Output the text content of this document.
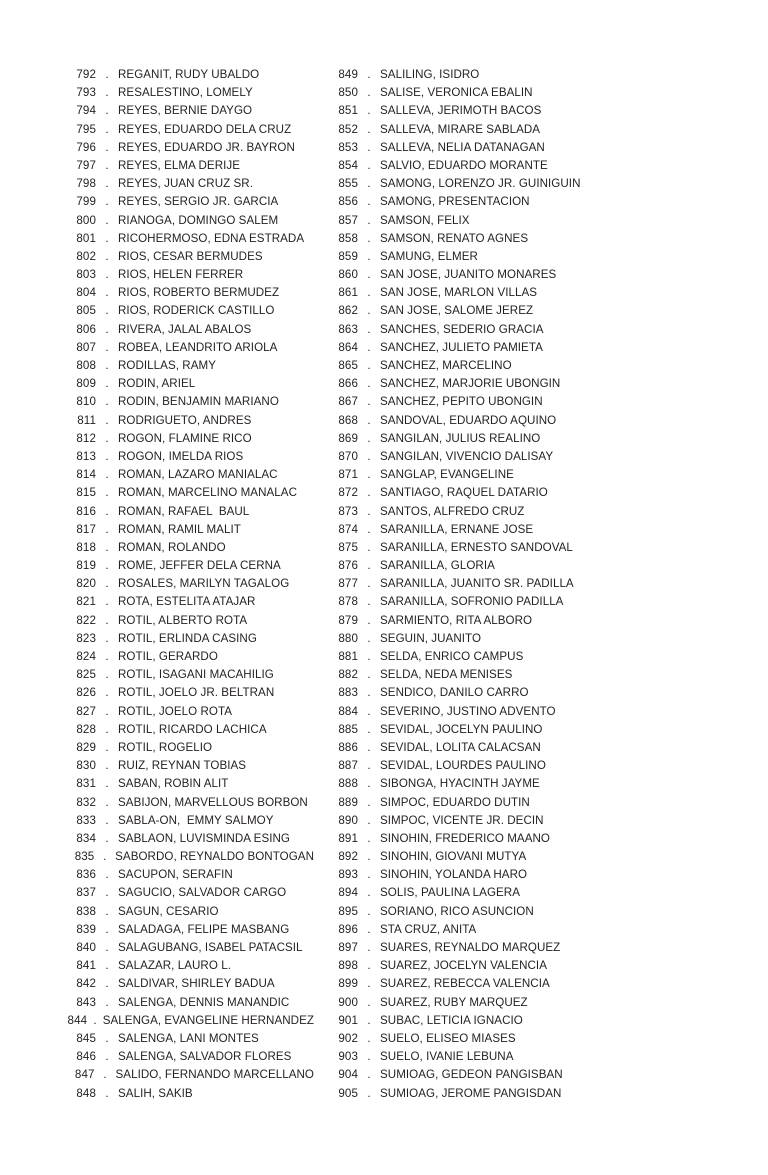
792 . REGANIT, RUDY UBALDO
793 . RESALESTINO, LOMELY
794 . REYES, BERNIE DAYGO
795 . REYES, EDUARDO DELA CRUZ
796 . REYES, EDUARDO JR. BAYRON
797 . REYES, ELMA DERIJE
798 . REYES, JUAN CRUZ SR.
799 . REYES, SERGIO JR. GARCIA
800 . RIANOGA, DOMINGO SALEM
801 . RICOHERMOSO, EDNA ESTRADA
802 . RIOS, CESAR BERMUDES
803 . RIOS, HELEN FERRER
804 . RIOS, ROBERTO BERMUDEZ
805 . RIOS, RODERICK CASTILLO
806 . RIVERA, JALAL ABALOS
807 . ROBEA, LEANDRITO ARIOLA
808 . RODILLAS, RAMY
809 . RODIN, ARIEL
810 . RODIN, BENJAMIN MARIANO
811 . RODRIGUETO, ANDRES
812 . ROGON, FLAMINE RICO
813 . ROGON, IMELDA RIOS
814 . ROMAN, LAZARO MANIALAC
815 . ROMAN, MARCELINO MANALAC
816 . ROMAN, RAFAEL  BAUL
817 . ROMAN, RAMIL MALIT
818 . ROMAN, ROLANDO
819 . ROME, JEFFER DELA CERNA
820 . ROSALES, MARILYN TAGALOG
821 . ROTA, ESTELITA ATAJAR
822 . ROTIL, ALBERTO ROTA
823 . ROTIL, ERLINDA CASING
824 . ROTIL, GERARDO
825 . ROTIL, ISAGANI MACAHILIG
826 . ROTIL, JOELO JR. BELTRAN
827 . ROTIL, JOELO ROTA
828 . ROTIL, RICARDO LACHICA
829 . ROTIL, ROGELIO
830 . RUIZ, REYNAN TOBIAS
831 . SABAN, ROBIN ALIT
832 . SABIJON, MARVELLOUS BORBON
833 . SABLA-ON,  EMMY SALMOY
834 . SABLAON, LUVISMINDA ESING
835 . SABORDO, REYNALDO BONTOGAN
836 . SACUPON, SERAFIN
837 . SAGUCIO, SALVADOR CARGO
838 . SAGUN, CESARIO
839 . SALADAGA, FELIPE MASBANG
840 . SALAGUBANG, ISABEL PATACSIL
841 . SALAZAR, LAURO L.
842 . SALDIVAR, SHIRLEY BADUA
843 . SALENGA, DENNIS MANANDIC
844 . SALENGA, EVANGELINE HERNANDEZ
845 . SALENGA, LANI MONTES
846 . SALENGA, SALVADOR FLORES
847 . SALIDO, FERNANDO MARCELLANO
848 . SALIH, SAKIB
849 . SALILING, ISIDRO
850 . SALISE, VERONICA EBALIN
851 . SALLEVA, JERIMOTH BACOS
852 . SALLEVA, MIRARE SABLADA
853 . SALLEVA, NELIA DATANAGAN
854 . SALVIO, EDUARDO MORANTE
855 . SAMONG, LORENZO JR. GUINIGUIN
856 . SAMONG, PRESENTACION
857 . SAMSON, FELIX
858 . SAMSON, RENATO AGNES
859 . SAMUNG, ELMER
860 . SAN JOSE, JUANITO MONARES
861 . SAN JOSE, MARLON VILLAS
862 . SAN JOSE, SALOME JEREZ
863 . SANCHES, SEDERIO GRACIA
864 . SANCHEZ, JULIETO PAMIETA
865 . SANCHEZ, MARCELINO
866 . SANCHEZ, MARJORIE UBONGIN
867 . SANCHEZ, PEPITO UBONGIN
868 . SANDOVAL, EDUARDO AQUINO
869 . SANGILAN, JULIUS REALINO
870 . SANGILAN, VIVENCIO DALISAY
871 . SANGLAP, EVANGELINE
872 . SANTIAGO, RAQUEL DATARIO
873 . SANTOS, ALFREDO CRUZ
874 . SARANILLA, ERNANE JOSE
875 . SARANILLA, ERNESTO SANDOVAL
876 . SARANILLA, GLORIA
877 . SARANILLA, JUANITO SR. PADILLA
878 . SARANILLA, SOFRONIO PADILLA
879 . SARMIENTO, RITA ALBORO
880 . SEGUIN, JUANITO
881 . SELDA, ENRICO CAMPUS
882 . SELDA, NEDA MENISES
883 . SENDICO, DANILO CARRO
884 . SEVERINO, JUSTINO ADVENTO
885 . SEVIDAL, JOCELYN PAULINO
886 . SEVIDAL, LOLITA CALACSAN
887 . SEVIDAL, LOURDES PAULINO
888 . SIBONGA, HYACINTH JAYME
889 . SIMPOC, EDUARDO DUTIN
890 . SIMPOC, VICENTE JR. DECIN
891 . SINOHIN, FREDERICO MAANO
892 . SINOHIN, GIOVANI MUTYA
893 . SINOHIN, YOLANDA HARO
894 . SOLIS, PAULINA LAGERA
895 . SORIANO, RICO ASUNCION
896 . STA CRUZ, ANITA
897 . SUARES, REYNALDO MARQUEZ
898 . SUAREZ, JOCELYN VALENCIA
899 . SUAREZ, REBECCA VALENCIA
900 . SUAREZ, RUBY MARQUEZ
901 . SUBAC, LETICIA IGNACIO
902 . SUELO, ELISEO MIASES
903 . SUELO, IVANIE LEBUNA
904 . SUMIOAG, GEDEON PANGISBAN
905 . SUMIOAG, JEROME PANGISDAN
